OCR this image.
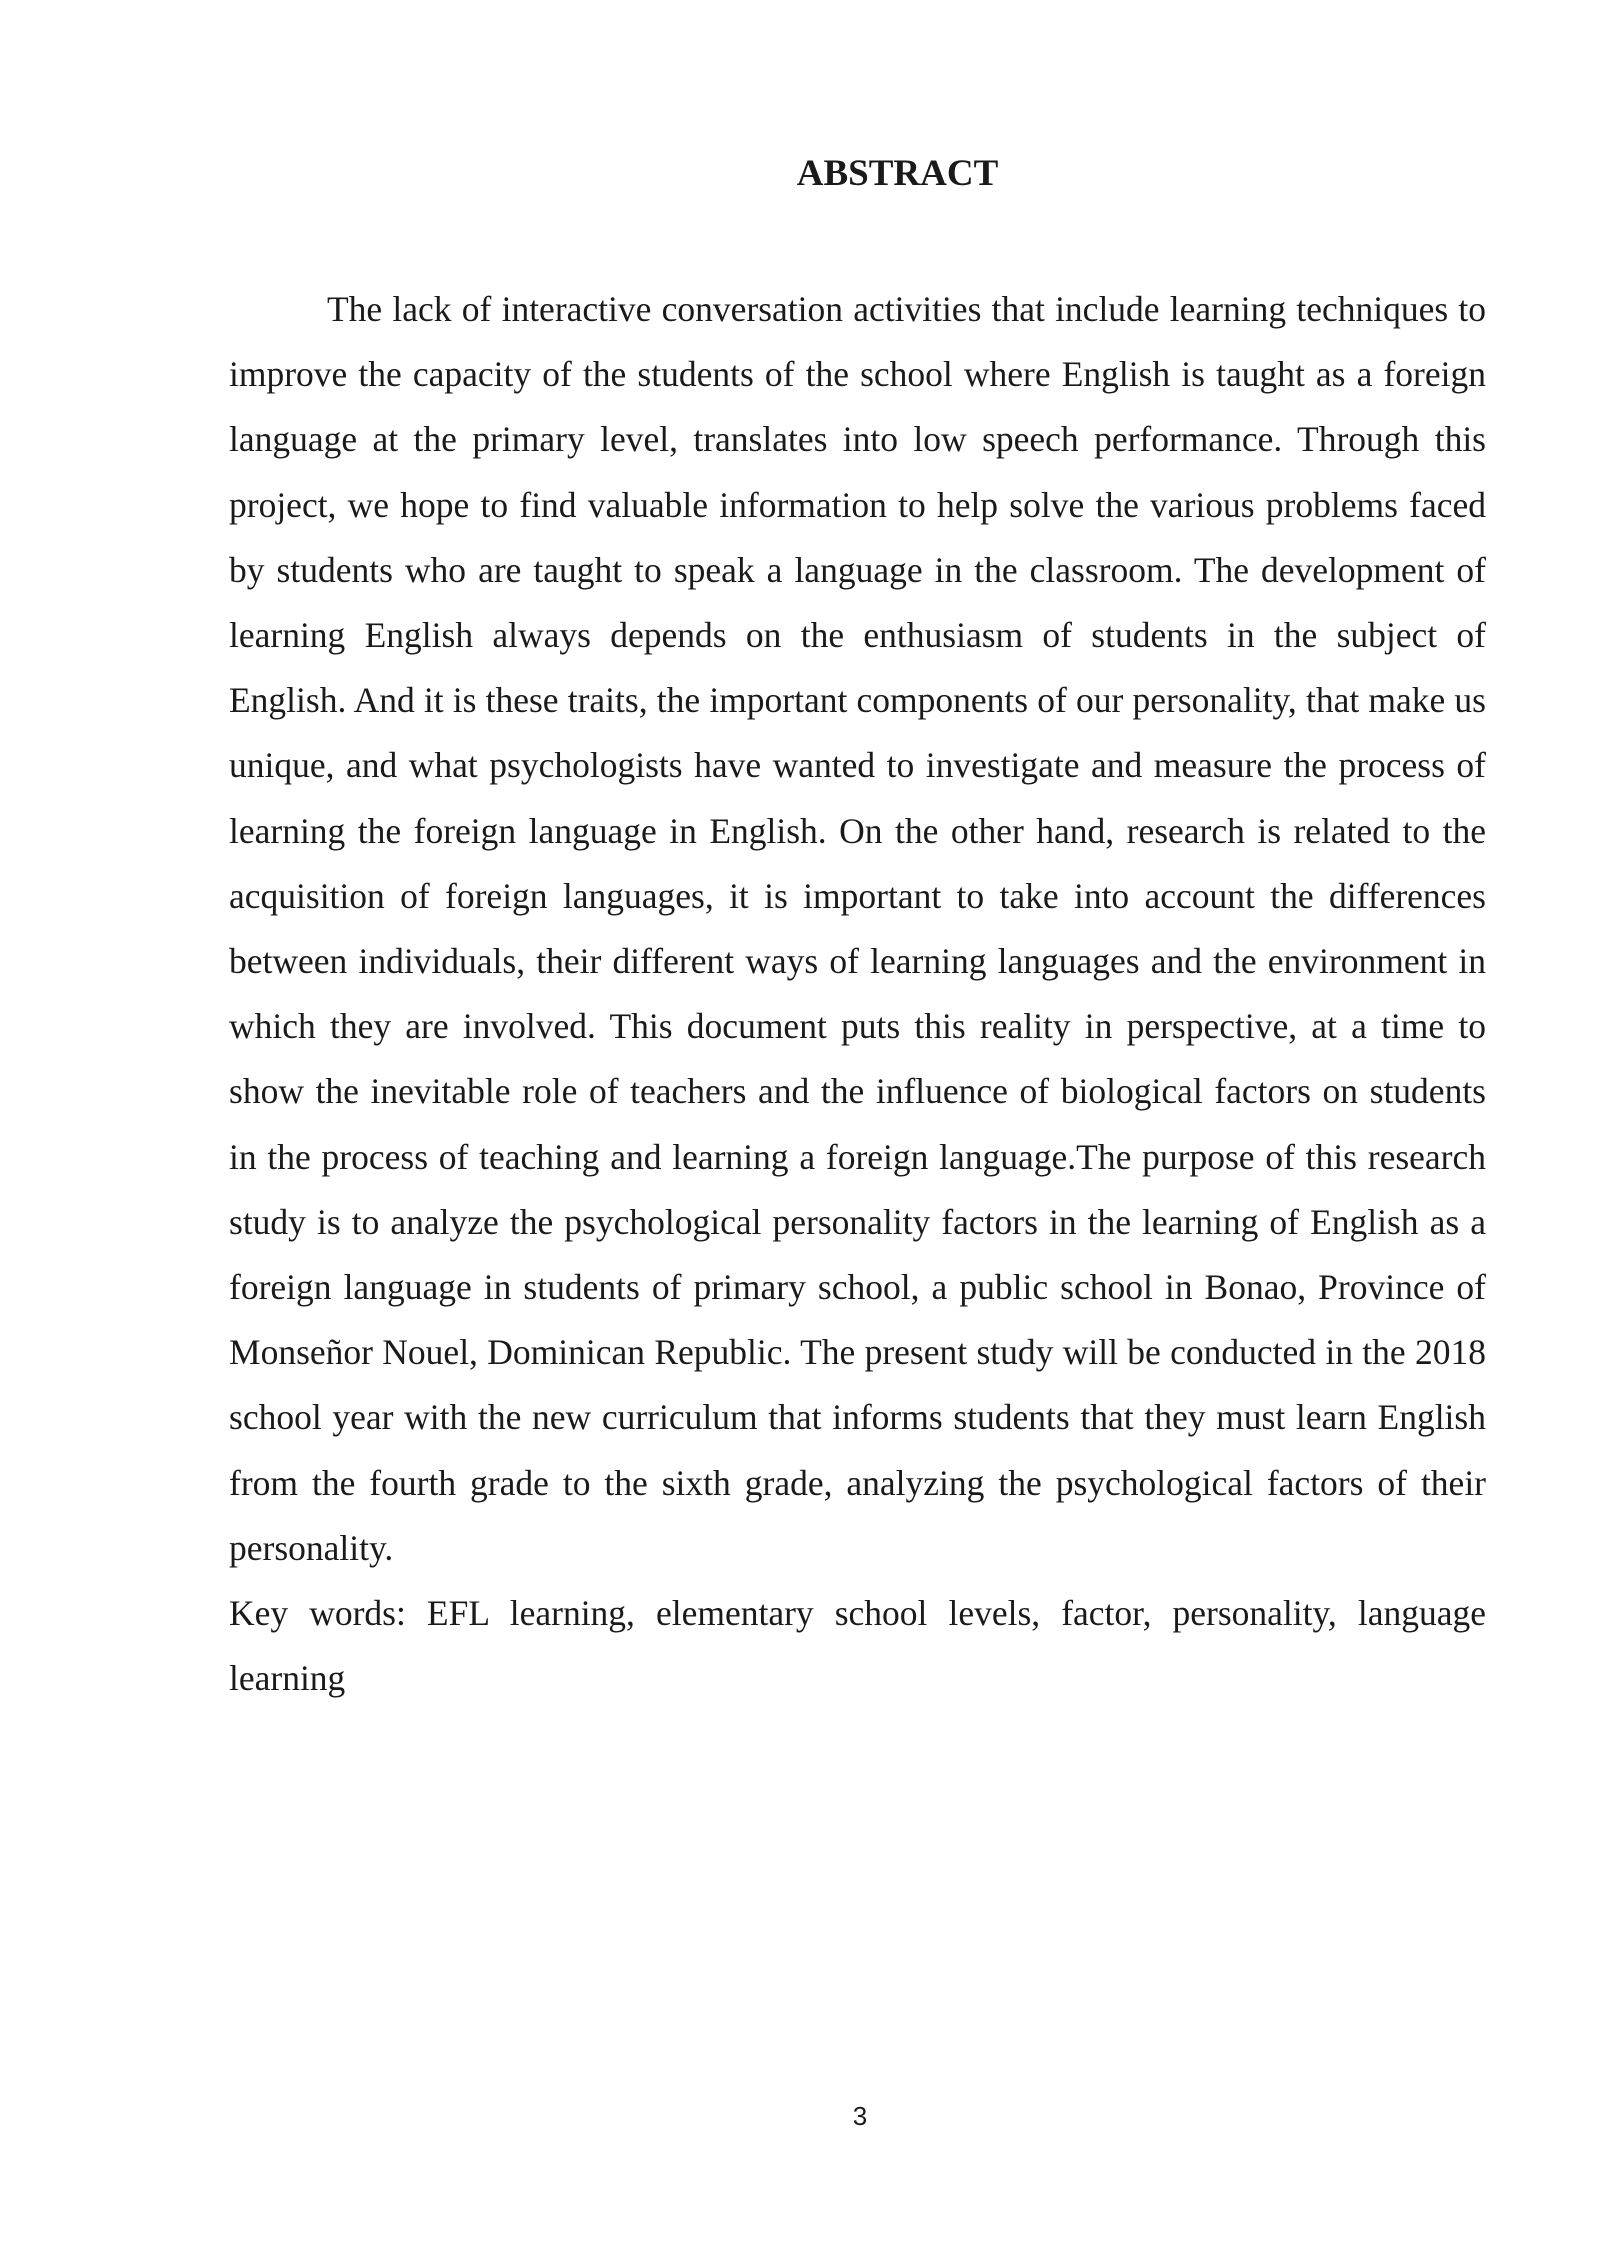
ABSTRACT

The lack of interactive conversation activities that include learning techniques to improve the capacity of the students of the school where English is taught as a foreign language at the primary level, translates into low speech performance. Through this project, we hope to find valuable information to help solve the various problems faced by students who are taught to speak a language in the classroom. The development of learning English always depends on the enthusiasm of students in the subject of English. And it is these traits, the important components of our personality, that make us unique, and what psychologists have wanted to investigate and measure the process of learning the foreign language in English. On the other hand, research is related to the acquisition of foreign languages, it is important to take into account the differences between individuals, their different ways of learning languages and the environment in which they are involved. This document puts this reality in perspective, at a time to show the inevitable role of teachers and the influence of biological factors on students in the process of teaching and learning a foreign language.The purpose of this research study is to analyze the psychological personality factors in the learning of English as a foreign language in students of primary school, a public school in Bonao, Province of Monseñor Nouel, Dominican Republic. The present study will be conducted in the 2018 school year with the new curriculum that informs students that they must learn English from the fourth grade to the sixth grade, analyzing the psychological factors of their personality.

Key words: EFL learning, elementary school levels, factor, personality, language learning

3
